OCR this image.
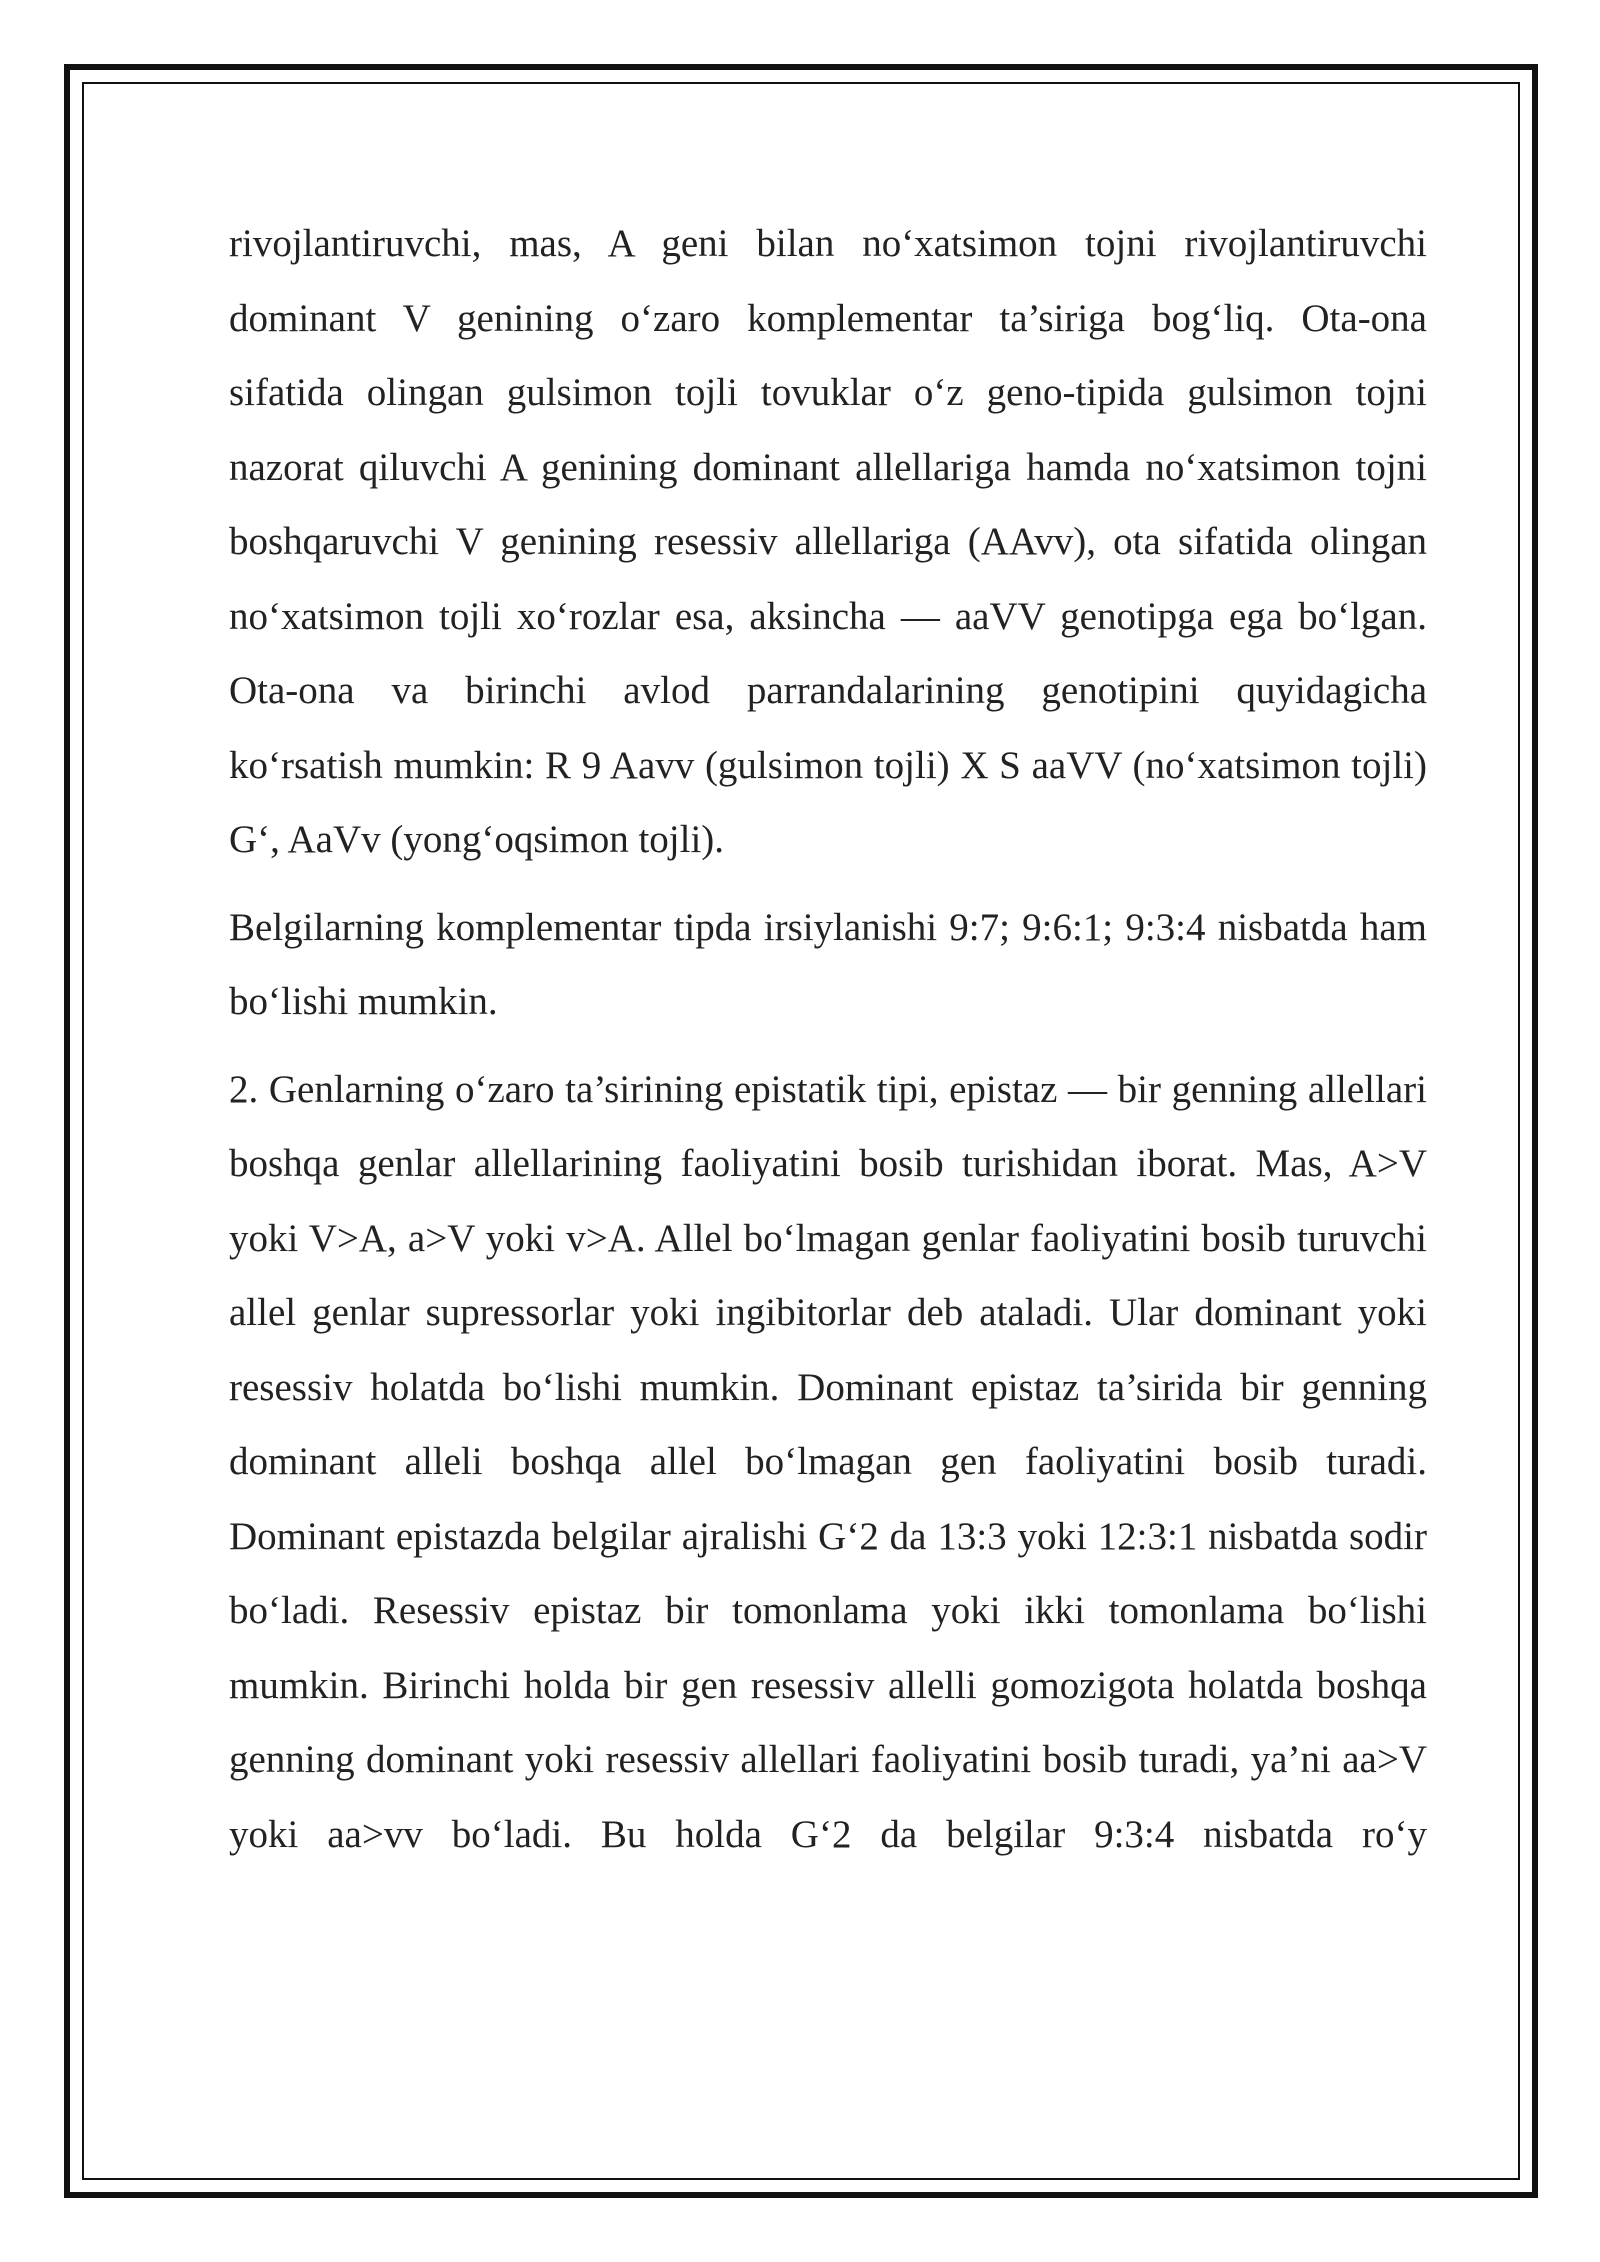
rivojlantiruvchi, mas, A geni bilan no‘xatsimon tojni rivojlantiruvchi dominant V genining o‘zaro komplementar ta’siriga bog‘liq. Ota-ona sifatida olingan gulsimon tojli tovuklar o‘z geno-tipida gulsimon tojni nazorat qiluvchi A genining dominant allellariga hamda no‘xatsimon tojni boshqaruvchi V genining resessiv allellariga (AAvv), ota sifatida olingan no‘xatsimon tojli xo‘rozlar esa, aksincha — aaVV genotipga ega bo‘lgan. Ota-ona va birinchi avlod parrandalarining genotipini quyidagicha ko‘rsatish mumkin: R 9 Aavv (gulsimon tojli) X S aaVV (no‘xatsimon tojli) G‘, AaVv (yong‘oqsimon tojli).

Belgilarning komplementar tipda irsiylanishi 9:7; 9:6:1; 9:3:4 nisbatda ham bo‘lishi mumkin.

2. Genlarning o‘zaro ta’sirining epistatik tipi, epistaz — bir genning allellari boshqa genlar allellarining faoliyatini bosib turishidan iborat. Mas, A>V yoki V>A, a>V yoki v>A. Allel bo‘lmagan genlar faoliyatini bosib turuvchi allel genlar supressorlar yoki ingibitorlar deb ataladi. Ular dominant yoki resessiv holatda bo‘lishi mumkin. Dominant epistaz ta’sirida bir genning dominant alleli boshqa allel bo‘lmagan gen faoliyatini bosib turadi. Dominant epistazda belgilar ajralishi G‘2 da 13:3 yoki 12:3:1 nisbatda sodir bo‘ladi. Resessiv epistaz bir tomonlama yoki ikki tomonlama bo‘lishi mumkin. Birinchi holda bir gen resessiv allelli gomozigota holatda boshqa genning dominant yoki resessiv allellari faoliyatini bosib turadi, ya’ni aa>V yoki aa>vv bo‘ladi. Bu holda G‘2 da belgilar 9:3:4 nisbatda ro‘y
